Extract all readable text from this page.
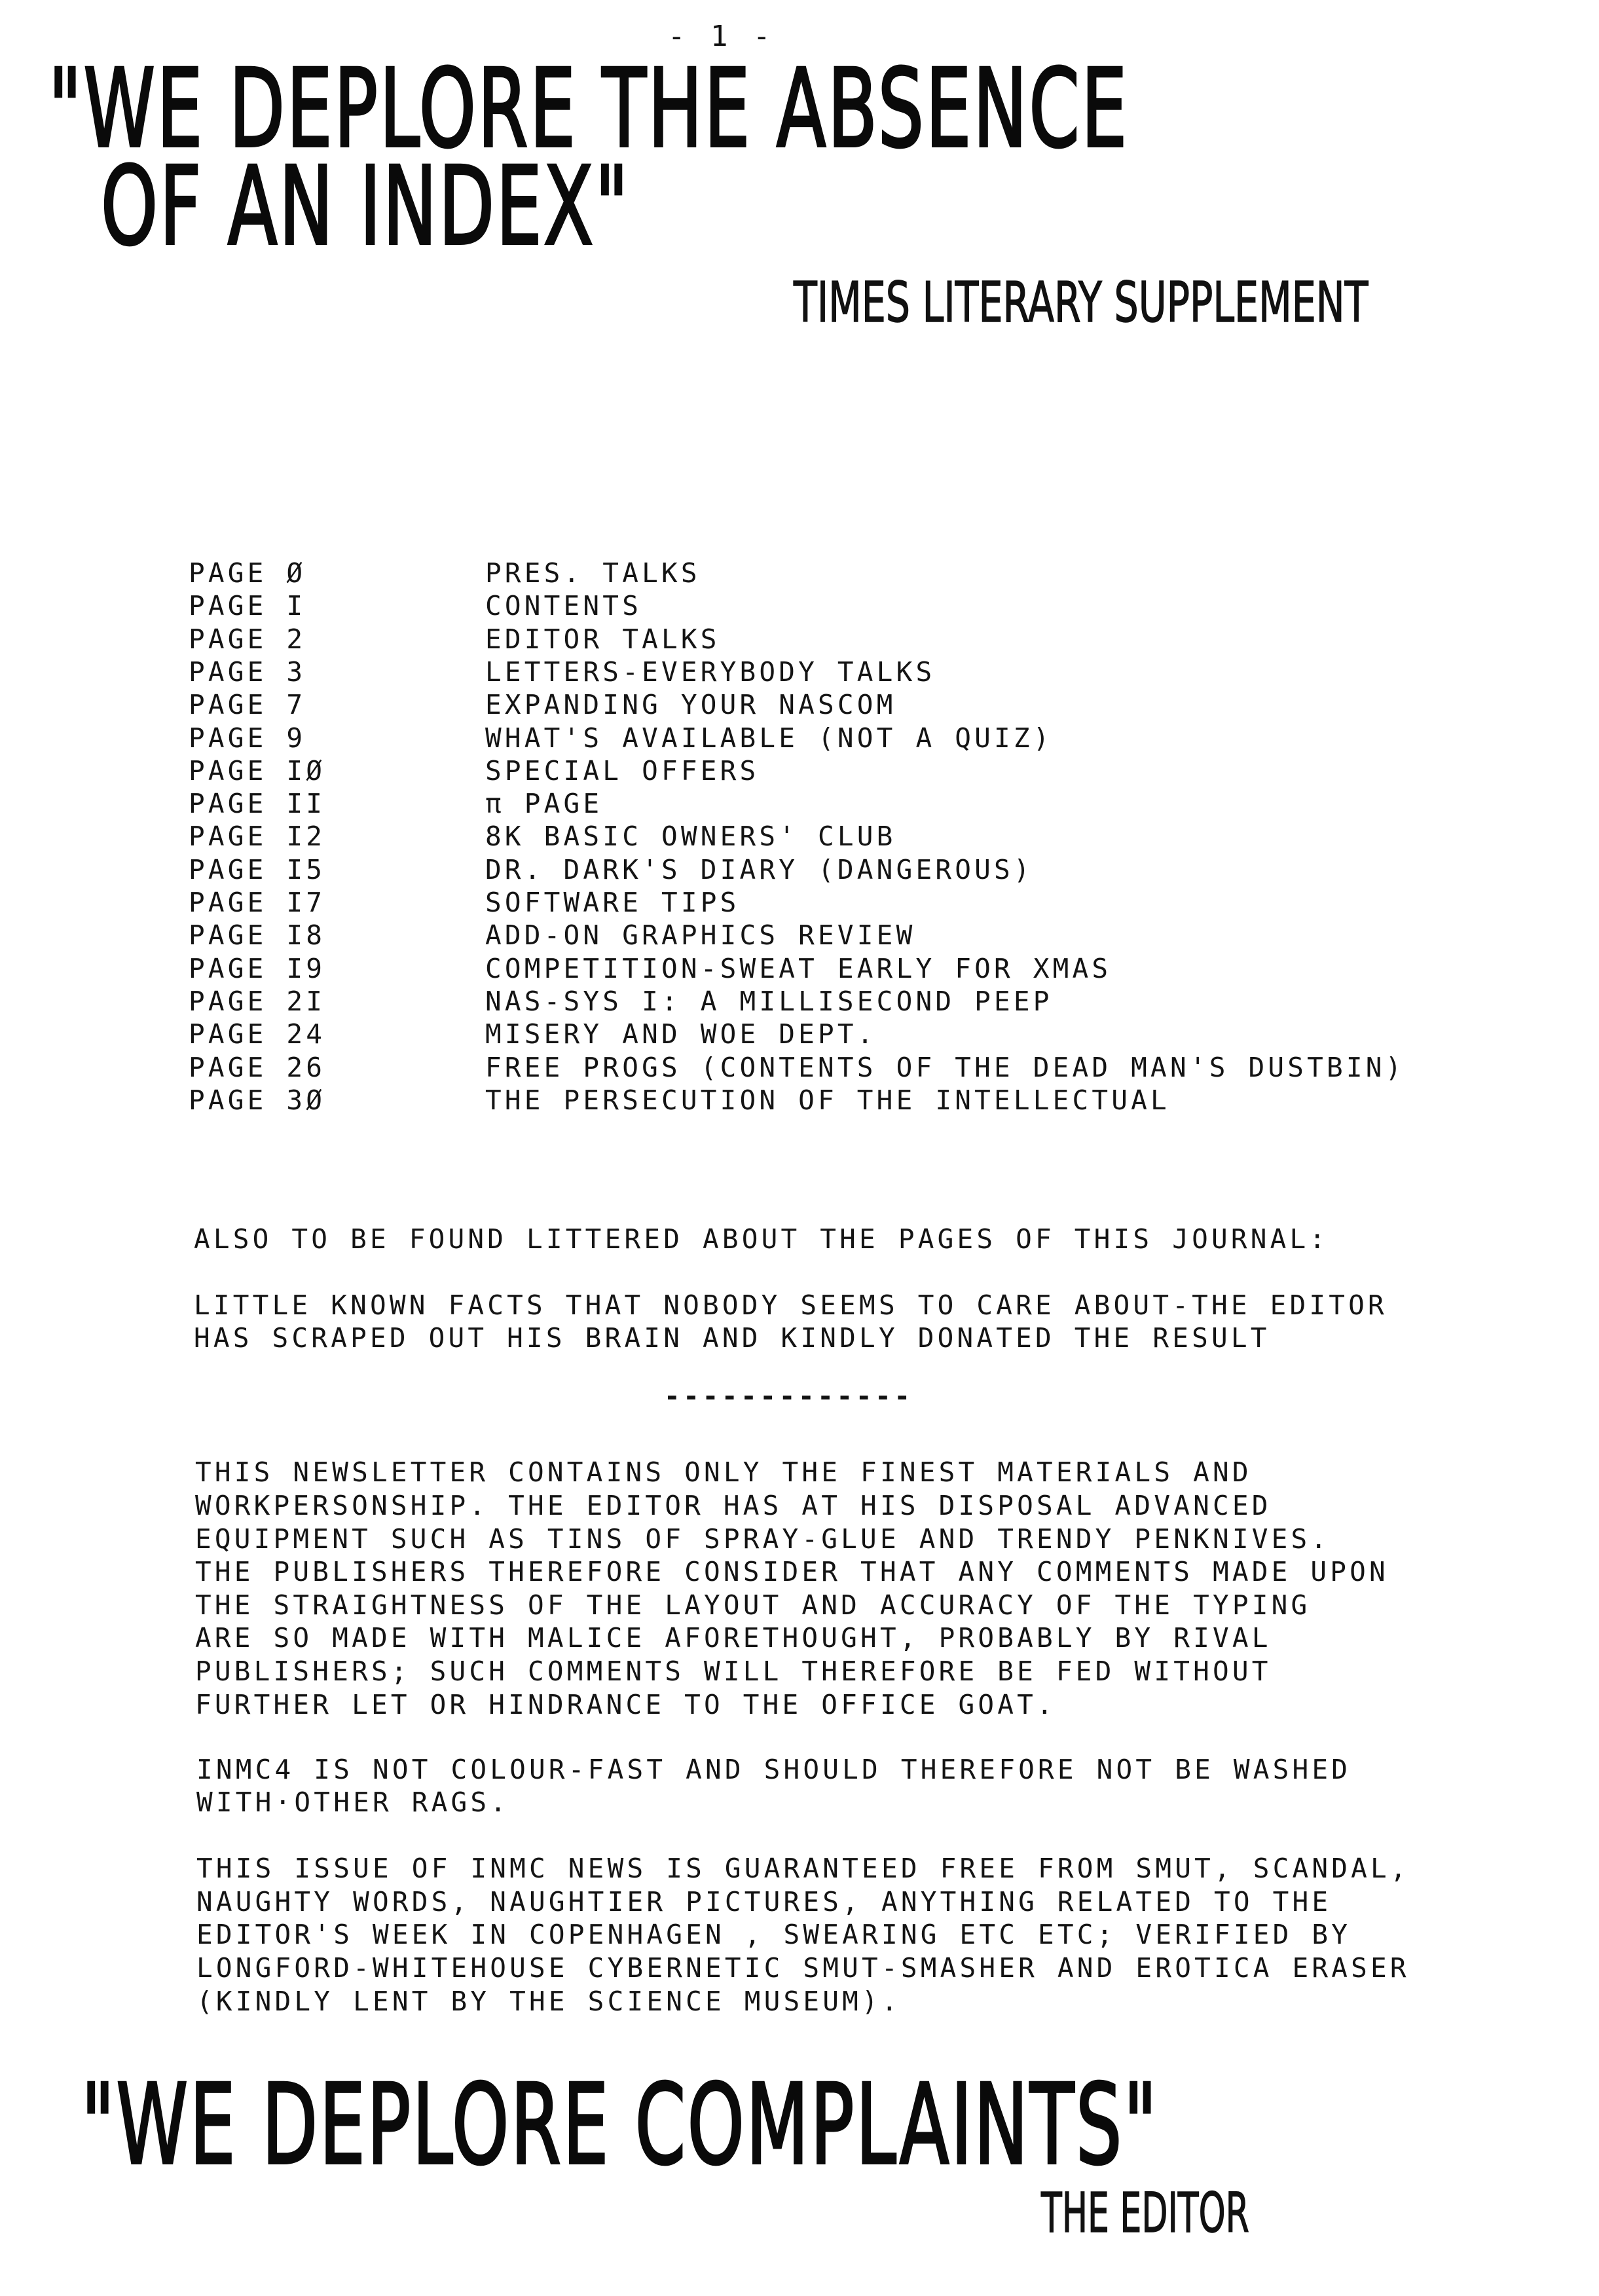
- 1 -
"WE DEPLORE THE ABSENCE
OF AN INDEX"
TIMES LITERARY SUPPLEMENT
PAGE Ø	PRES. TALKS
PAGE I	CONTENTS
PAGE 2	EDITOR TALKS
PAGE 3	LETTERS-EVERYBODY TALKS
PAGE 7	EXPANDING YOUR NASCOM
PAGE 9	WHAT'S AVAILABLE (NOT A QUIZ)
PAGE IØ	SPECIAL OFFERS
PAGE II	π PAGE
PAGE I2	8K BASIC OWNERS' CLUB
PAGE I5	DR. DARK'S DIARY (DANGEROUS)
PAGE I7	SOFTWARE TIPS
PAGE I8	ADD-ON GRAPHICS REVIEW
PAGE I9	COMPETITION-SWEAT EARLY FOR XMAS
PAGE 2I	NAS-SYS I: A MILLISECOND PEEP
PAGE 24	MISERY AND WOE DEPT.
PAGE 26	FREE PROGS (CONTENTS OF THE DEAD MAN'S DUSTBIN)
PAGE 3Ø	THE PERSECUTION OF THE INTELLECTUAL
ALSO TO BE FOUND LITTERED ABOUT THE PAGES OF THIS JOURNAL:
LITTLE KNOWN FACTS THAT NOBODY SEEMS TO CARE ABOUT-THE EDITOR
HAS SCRAPED OUT HIS BRAIN AND KINDLY DONATED THE RESULT
-------------
THIS NEWSLETTER CONTAINS ONLY THE FINEST MATERIALS AND
WORKPERSONSHIP. THE EDITOR HAS AT HIS DISPOSAL ADVANCED
EQUIPMENT SUCH AS TINS OF SPRAY-GLUE AND TRENDY PENKNIVES.
THE PUBLISHERS THEREFORE CONSIDER THAT ANY COMMENTS MADE UPON
THE STRAIGHTNESS OF THE LAYOUT AND ACCURACY OF THE TYPING
ARE SO MADE WITH MALICE AFORETHOUGHT, PROBABLY BY RIVAL
PUBLISHERS; SUCH COMMENTS WILL THEREFORE BE FED WITHOUT
FURTHER LET OR HINDRANCE TO THE OFFICE GOAT.
INMC4 IS NOT COLOUR-FAST AND SHOULD THEREFORE NOT BE WASHED
WITH·OTHER RAGS.
THIS ISSUE OF INMC NEWS IS GUARANTEED FREE FROM SMUT, SCANDAL,
NAUGHTY WORDS, NAUGHTIER PICTURES, ANYTHING RELATED TO THE
EDITOR'S WEEK IN COPENHAGEN , SWEARING ETC ETC; VERIFIED BY
LONGFORD-WHITEHOUSE CYBERNETIC SMUT-SMASHER AND EROTICA ERASER
(KINDLY LENT BY THE SCIENCE MUSEUM).
"WE DEPLORE COMPLAINTS"
THE EDITOR
